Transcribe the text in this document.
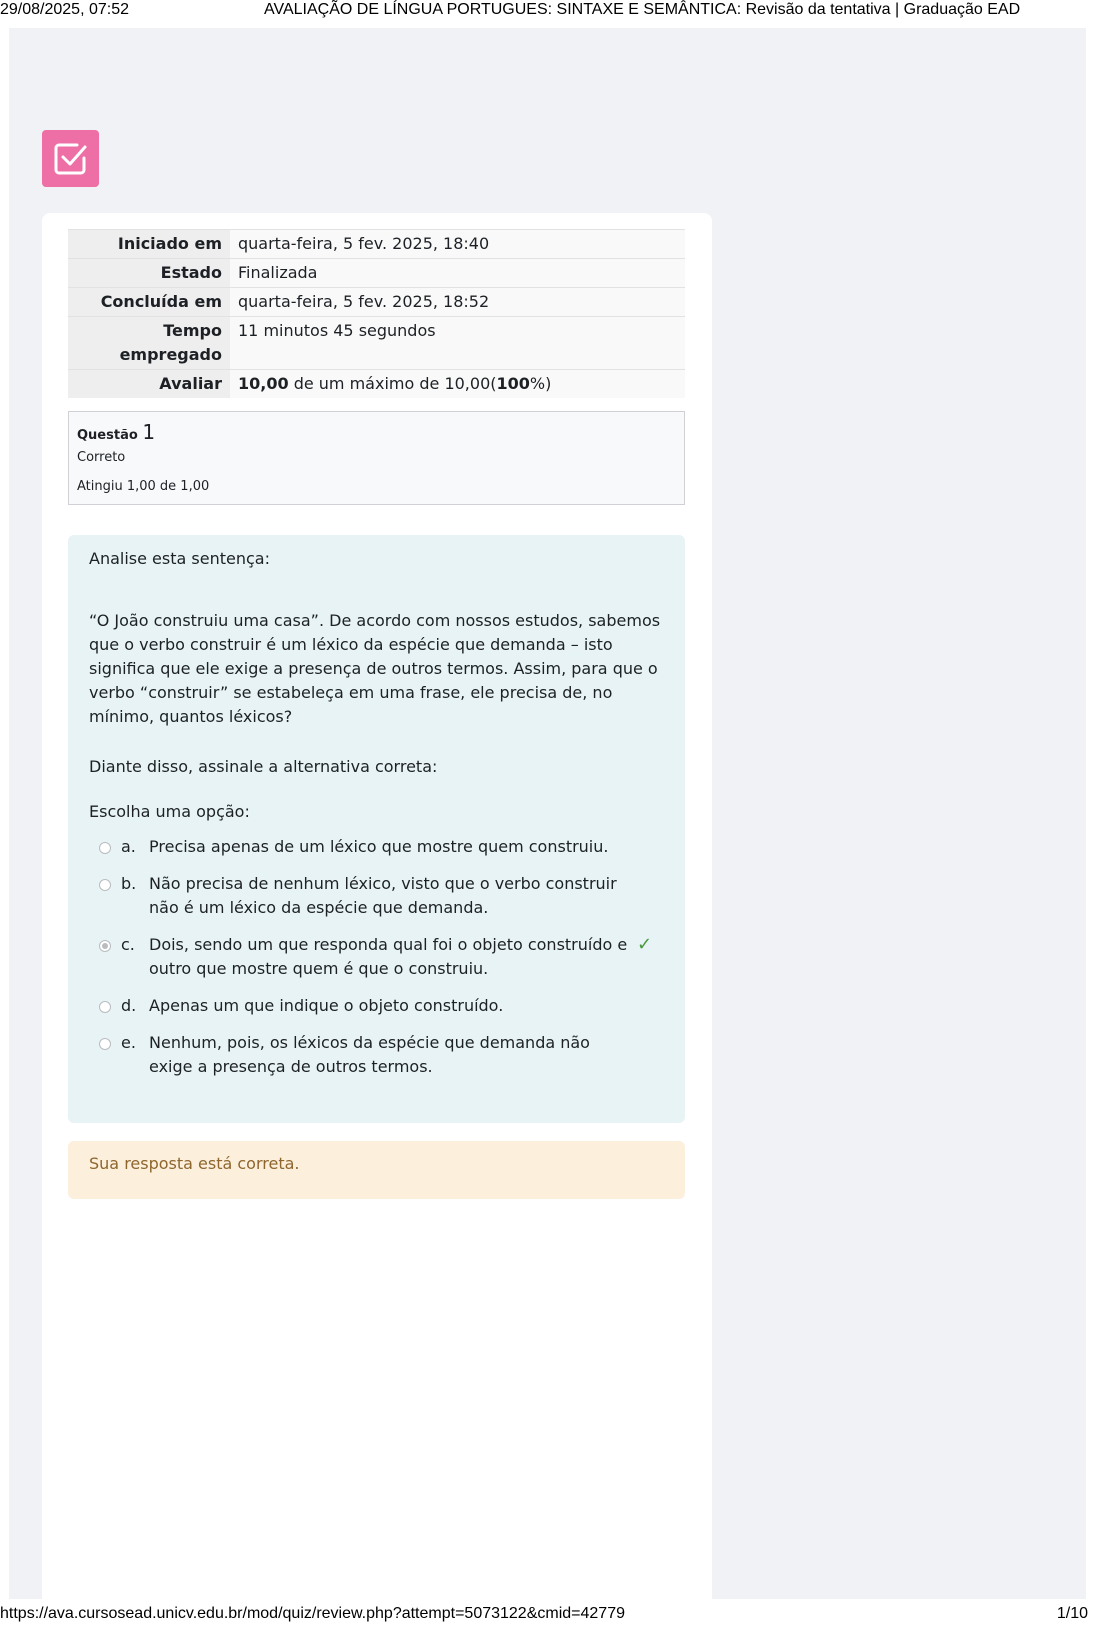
29/08/2025, 07:52	AVALIAÇÃO DE LÍNGUA PORTUGUES: SINTAXE E SEMÂNTICA: Revisão da tentativa | Graduação EAD
Iniciado em	quarta-feira, 5 fev. 2025, 18:40
Estado	Finalizada
Concluída em	quarta-feira, 5 fev. 2025, 18:52
Tempo empregado	11 minutos 45 segundos
Avaliar	10,00 de um máximo de 10,00(100%)
Questão 1
Correto
Atingiu 1,00 de 1,00

Analise esta sentença:

“O João construiu uma casa”. De acordo com nossos estudos, sabemos que o verbo construir é um léxico da espécie que demanda – isto significa que ele exige a presença de outros termos. Assim, para que o verbo “construir” se estabeleça em uma frase, ele precisa de, no mínimo, quantos léxicos?

Diante disso, assinale a alternativa correta:

Escolha uma opção:

a. Precisa apenas de um léxico que mostre quem construiu.
b. Não precisa de nenhum léxico, visto que o verbo construir não é um léxico da espécie que demanda.
c. Dois, sendo um que responda qual foi o objeto construído e outro que mostre quem é que o construiu.
✓
d. Apenas um que indique o objeto construído.
e. Nenhum, pois, os léxicos da espécie que demanda não exige a presença de outros termos.
Sua resposta está correta.
https://ava.cursosead.unicv.edu.br/mod/quiz/review.php?attempt=5073122&cmid=42779	1/10
